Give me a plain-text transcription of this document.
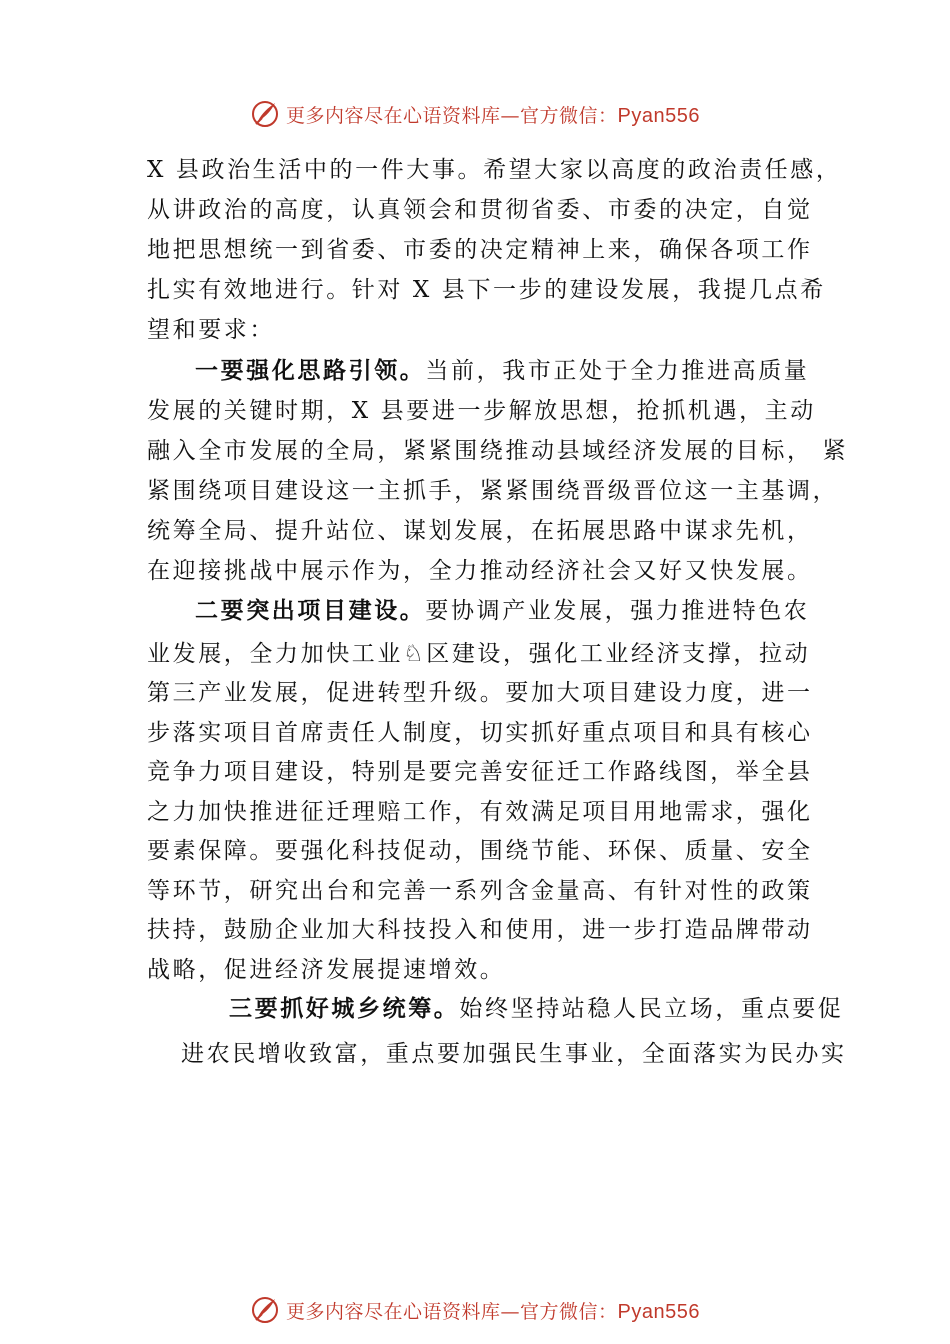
更多内容尽在心语资料库—官方微信：Pyan556
X 县政治生活中的一件大事。希望大家以高度的政治责任感，
从讲政治的高度，认真领会和贯彻省委、市委的决定，自觉
地把思想统一到省委、市委的决定精神上来，确保各项工作
扎实有效地进行。针对 X 县下一步的建设发展，我提几点希
望和要求：
一要强化思路引领。当前，我市正处于全力推进高质量
发展的关键时期，X 县要进一步解放思想，抢抓机遇，主动
融入全市发展的全局，紧紧围绕推动县域经济发展的目标， 紧
紧围绕项目建设这一主抓手，紧紧围绕晋级晋位这一主基调，
统筹全局、提升站位、谋划发展，在拓展思路中谋求先机，
在迎接挑战中展示作为，全力推动经济社会又好又快发展。
二要突出项目建设。要协调产业发展，强力推进特色农
业发展，全力加快工业♘区建设，强化工业经济支撑，拉动
第三产业发展，促进转型升级。要加大项目建设力度，进一
步落实项目首席责任人制度，切实抓好重点项目和具有核心
竞争力项目建设，特别是要完善安征迁工作路线图，举全县
之力加快推进征迁理赔工作，有效满足项目用地需求，强化
要素保障。要强化科技促动，围绕节能、环保、质量、安全
等环节，研究出台和完善一系列含金量高、有针对性的政策
扶持，鼓励企业加大科技投入和使用，进一步打造品牌带动
战略，促进经济发展提速增效。
三要抓好城乡统筹。始终坚持站稳人民立场，重点要促
进农民增收致富，重点要加强民生事业，全面落实为民办实
更多内容尽在心语资料库—官方微信：Pyan556
